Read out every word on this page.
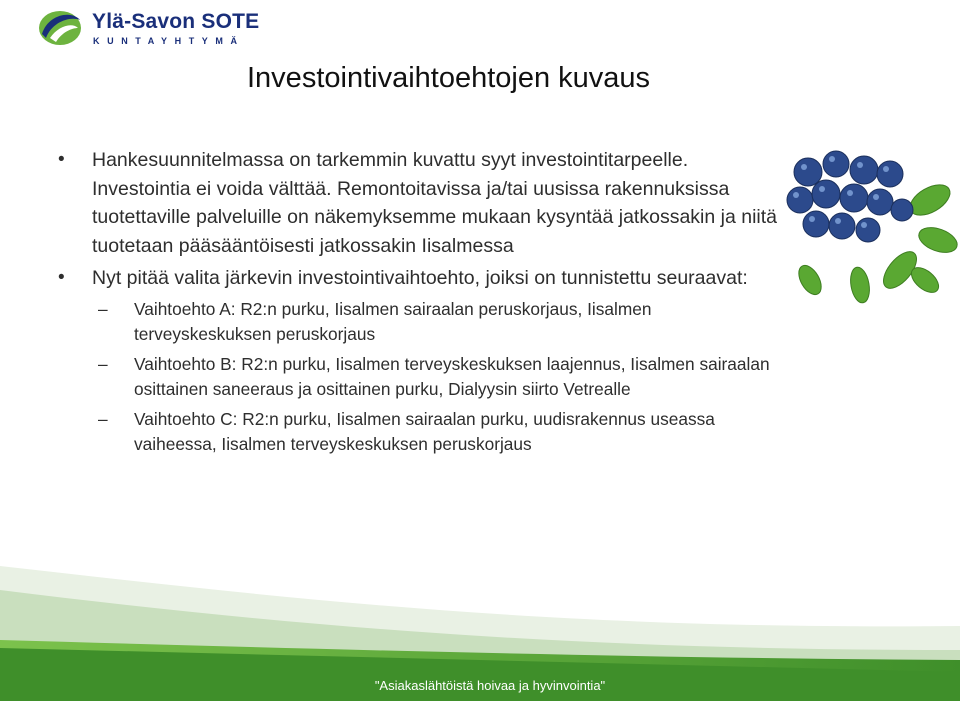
Ylä-Savon SOTE
KUNTAYHTYMÄ
Investointivaihtoehtojen kuvaus
• Hankesuunnitelmassa on tarkemmin kuvattu syyt investointitarpeelle. Investointia ei voida välttää. Remontoitavissa ja/tai uusissa rakennuksissa tuotettaville palveluille on näkemyksemme mukaan kysyntää jatkossakin ja niitä tuotetaan pääsääntöisesti jatkossakin Iisalmessa
• Nyt pitää valita järkevin investointivaihtoehto, joiksi on tunnistettu seuraavat:
– Vaihtoehto A: R2:n purku, Iisalmen sairaalan peruskorjaus, Iisalmen terveyskeskuksen peruskorjaus
– Vaihtoehto B: R2:n purku, Iisalmen terveyskeskuksen laajennus, Iisalmen sairaalan osittainen saneeraus ja osittainen purku, Dialyysin siirto Vetrealle
– Vaihtoehto C: R2:n purku, Iisalmen sairaalan purku, uudisrakennus useassa vaiheessa, Iisalmen terveyskeskuksen peruskorjaus
"Asiakaslähtöistä hoivaa ja hyvinvointia"
